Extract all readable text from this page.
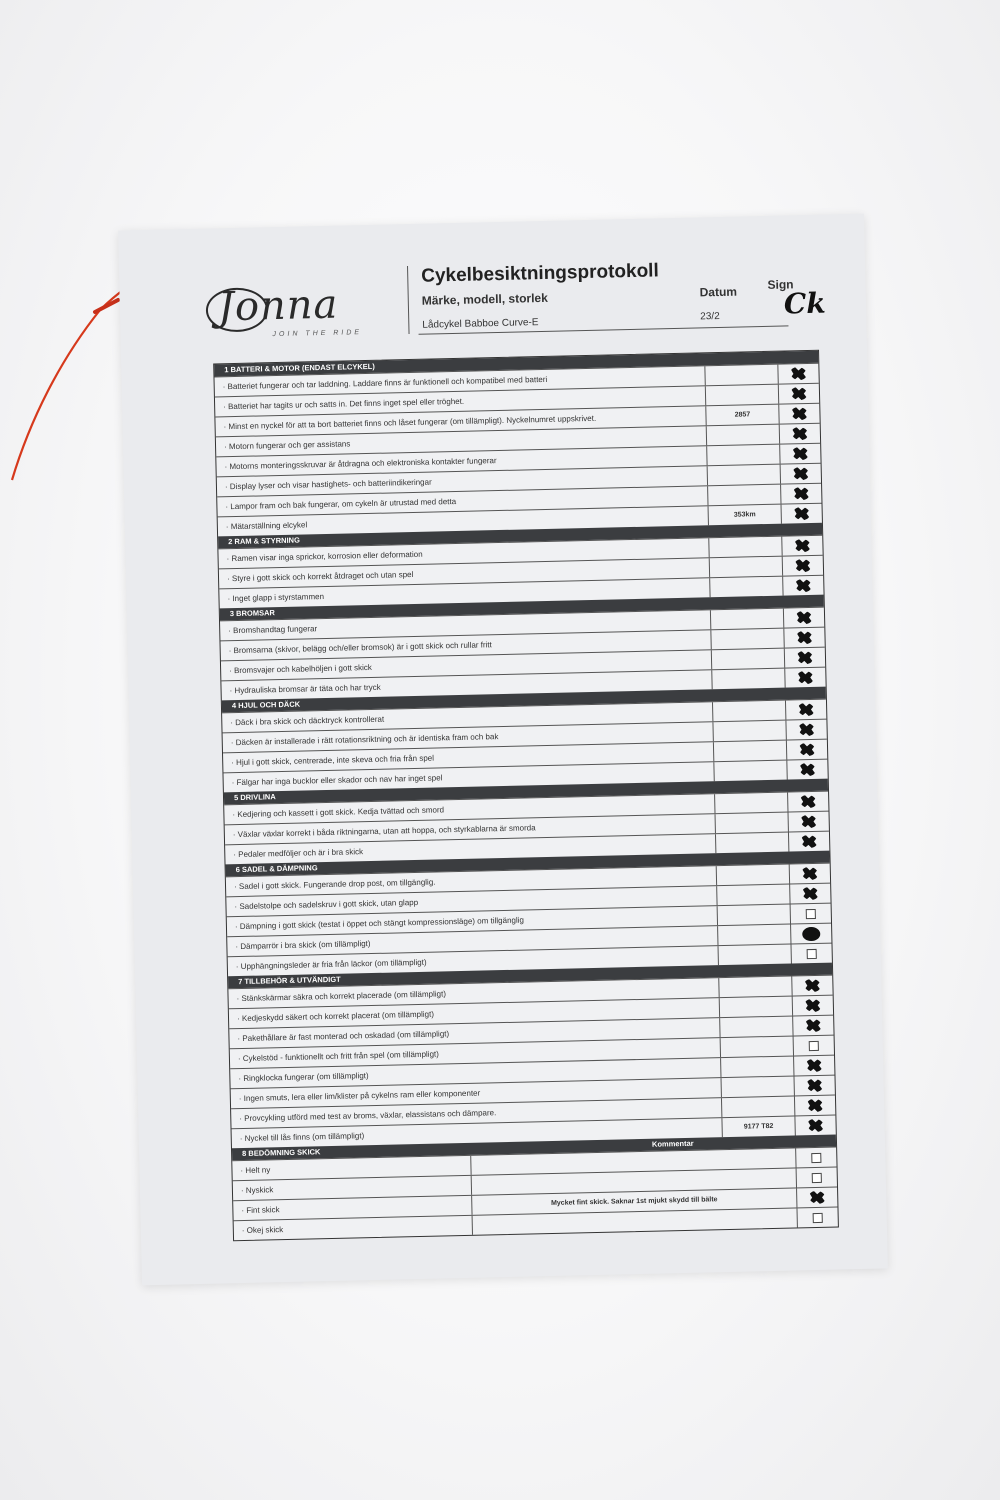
Jonna
JOIN THE RIDE
Cykelbesiktningsprotokoll
Märke, modell, storlek
Lådcykel Babboe Curve-E
Datum	Sign
23/2 Ck
1 BATTERI & MOTOR (ENDAST ELCYKEL)
· Batteriet fungerar och tar laddning. Laddare finns är funktionell och kompatibel med batteri
· Batteriet har tagits ur och satts in. Det finns inget spel eller tröghet.
· Minst en nyckel för att ta bort batteriet finns och låset fungerar (om tillämpligt). Nyckelnumret uppskrivet.	2857
· Motorn fungerar och ger assistans
· Motorns monteringsskruvar är åtdragna och elektroniska kontakter fungerar
· Display lyser och visar hastighets- och batteriindikeringar
· Lampor fram och bak fungerar, om cykeln är utrustad med detta
· Mätarställning elcykel
353km
2 RAM & STYRNING
· Ramen visar inga sprickor, korrosion eller deformation
· Styre i gott skick och korrekt åtdraget och utan spel
· Inget glapp i styrstammen
3 BROMSAR
· Bromshandtag fungerar
· Bromsarna (skivor, belägg och/eller bromsok) är i gott skick och rullar fritt
· Bromsvajer och kabelhöljen i gott skick
· Hydrauliska bromsar är täta och har tryck
4 HJUL OCH DÄCK
· Däck i bra skick och däcktryck kontrollerat
· Däcken är installerade i rätt rotationsriktning och är identiska fram och bak
· Hjul i gott skick, centrerade, inte skeva och fria från spel
· Fälgar har inga bucklor eller skador och nav har inget spel
5 DRIVLINA
· Kedjering och kassett i gott skick. Kedja tvättad och smord
· Växlar växlar korrekt i båda riktningarna, utan att hoppa, och styrkablarna är smorda
· Pedaler medföljer och är i bra skick
6 SADEL & DÄMPNING
· Sadel i gott skick. Fungerande drop post, om tillgänglig.
· Sadelstolpe och sadelskruv i gott skick, utan glapp
· Dämpning i gott skick (testat i öppet och stängt kompressionsläge) om tillgänglig
· Dämparrör i bra skick (om tillämpligt)
· Upphängningsleder är fria från läckor (om tillämpligt)
7 TILLBEHÖR & UTVÄNDIGT
· Stänkskärmar säkra och korrekt placerade (om tillämpligt)
· Kedjeskydd säkert och korrekt placerat (om tillämpligt)
· Pakethållare är fast monterad och oskadad (om tillämpligt)
· Cykelstöd - funktionellt och fritt från spel (om tillämpligt)
· Ringklocka fungerar (om tillämpligt)
· Ingen smuts, lera eller lim/klister på cykelns ram eller komponenter
· Provcykling utförd med test av broms, växlar, elassistans och dämpare.
· Nyckel till lås finns (om tillämpligt)
9177 T82
8 BEDÖMNING SKICK
Kommentar
· Helt ny
· Nyskick
· Fint skick
Mycket fint skick. Saknar 1st mjukt skydd till bälte
· Okej skick
